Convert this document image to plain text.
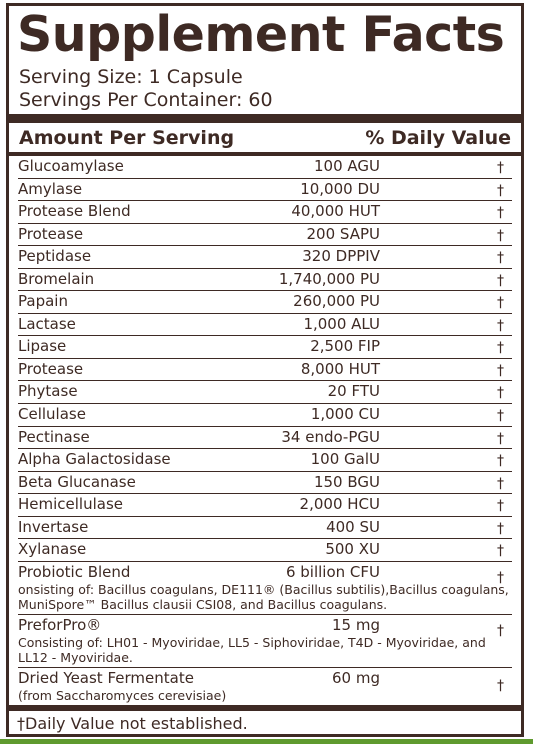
Supplement Facts
Serving Size: 1 Capsule
Servings Per Container: 60
Amount Per Serving	% Daily Value
Glucoamylase	100 AGU	†
Amylase	10,000 DU	†
Protease Blend	40,000 HUT	†
Protease	200 SAPU	†
Peptidase	320 DPPIV	†
Bromelain	1,740,000 PU	†
Papain	260,000 PU	†
Lactase	1,000 ALU	†
Lipase	2,500 FIP	†
Protease	8,000 HUT	†
Phytase	20 FTU	†
Cellulase	1,000 CU	†
Pectinase	34 endo-PGU	†
Alpha Galactosidase	100 GalU	†
Beta Glucanase	150 BGU	†
Hemicellulase	2,000 HCU	†
Invertase	400 SU	†
Xylanase	500 XU	†
Probiotic Blend	6 billion CFU	†
onsisting of: Bacillus coagulans, DE111® (Bacillus subtilis),Bacillus coagulans, MuniSpore™ Bacillus clausii CSI08, and Bacillus coagulans.
PreforPro®	15 mg	†
Consisting of: LH01 - Myoviridae, LL5 - Siphoviridae, T4D - Myoviridae, and LL12 - Myoviridae.
Dried Yeast Fermentate	60 mg	†
(from Saccharomyces cerevisiae)
†Daily Value not established.
